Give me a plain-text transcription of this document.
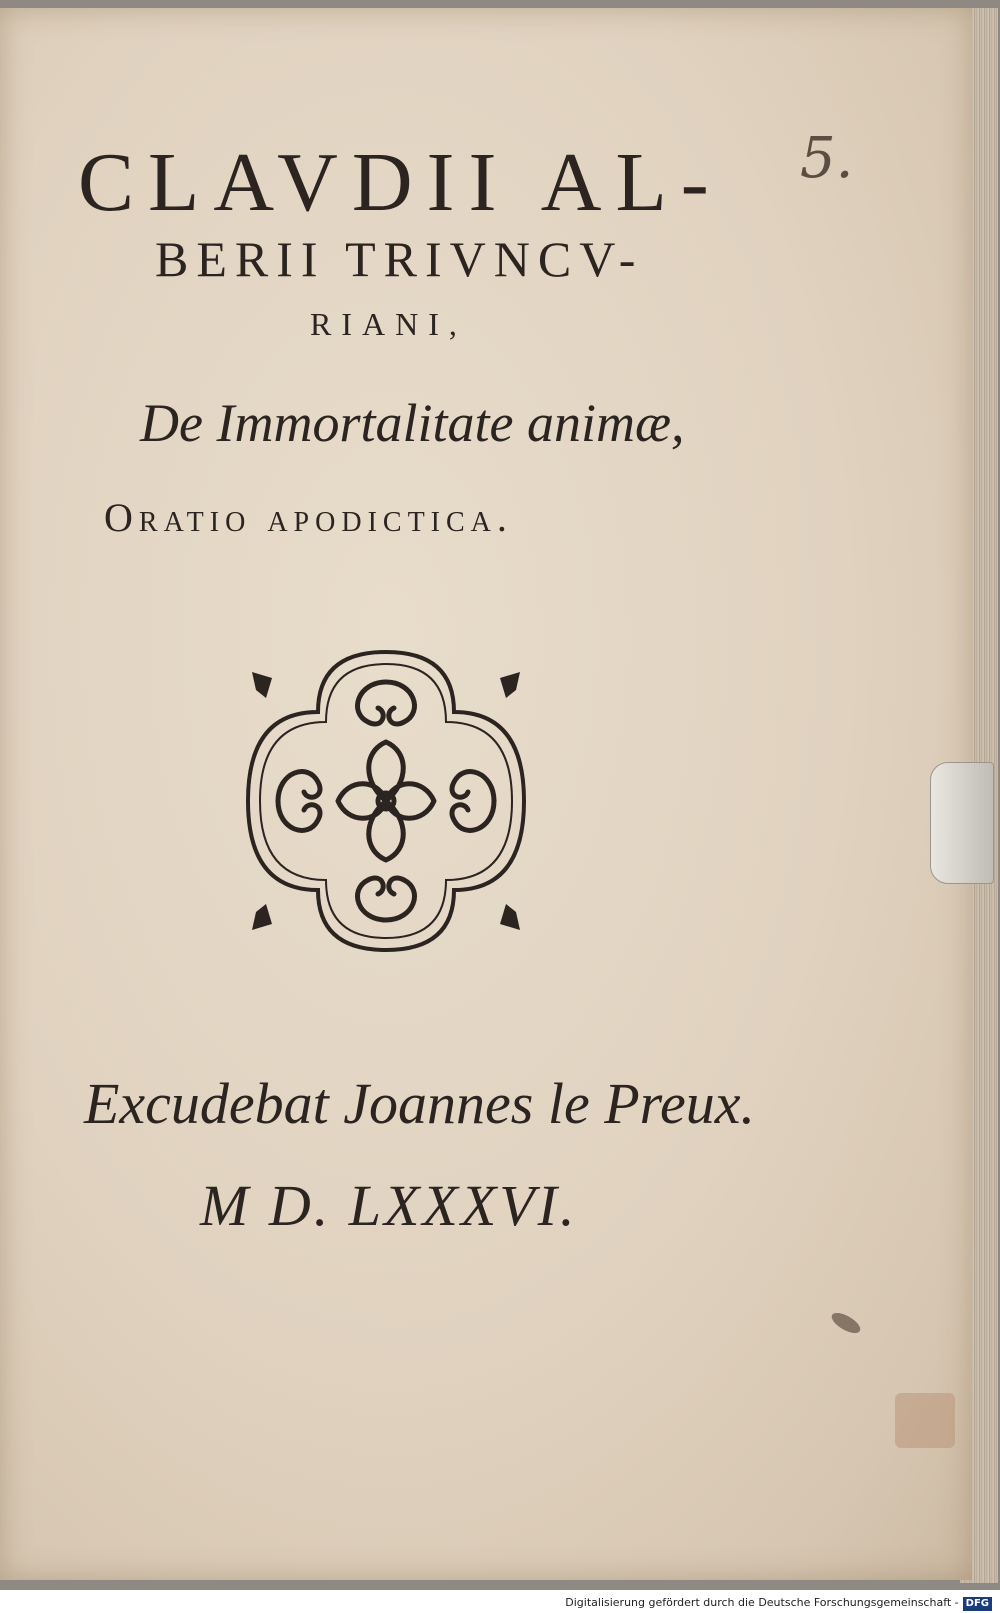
CLAVDII AL-
BERII TRIVNCV-
RIANI,
De Immortalitate animæ,
Oratio apodictica.
5.
Excudebat Joannes le Preux.
M D. LXXXVI.
Digitalisierung gefördert durch die Deutsche Forschungsgemeinschaft - DFG
